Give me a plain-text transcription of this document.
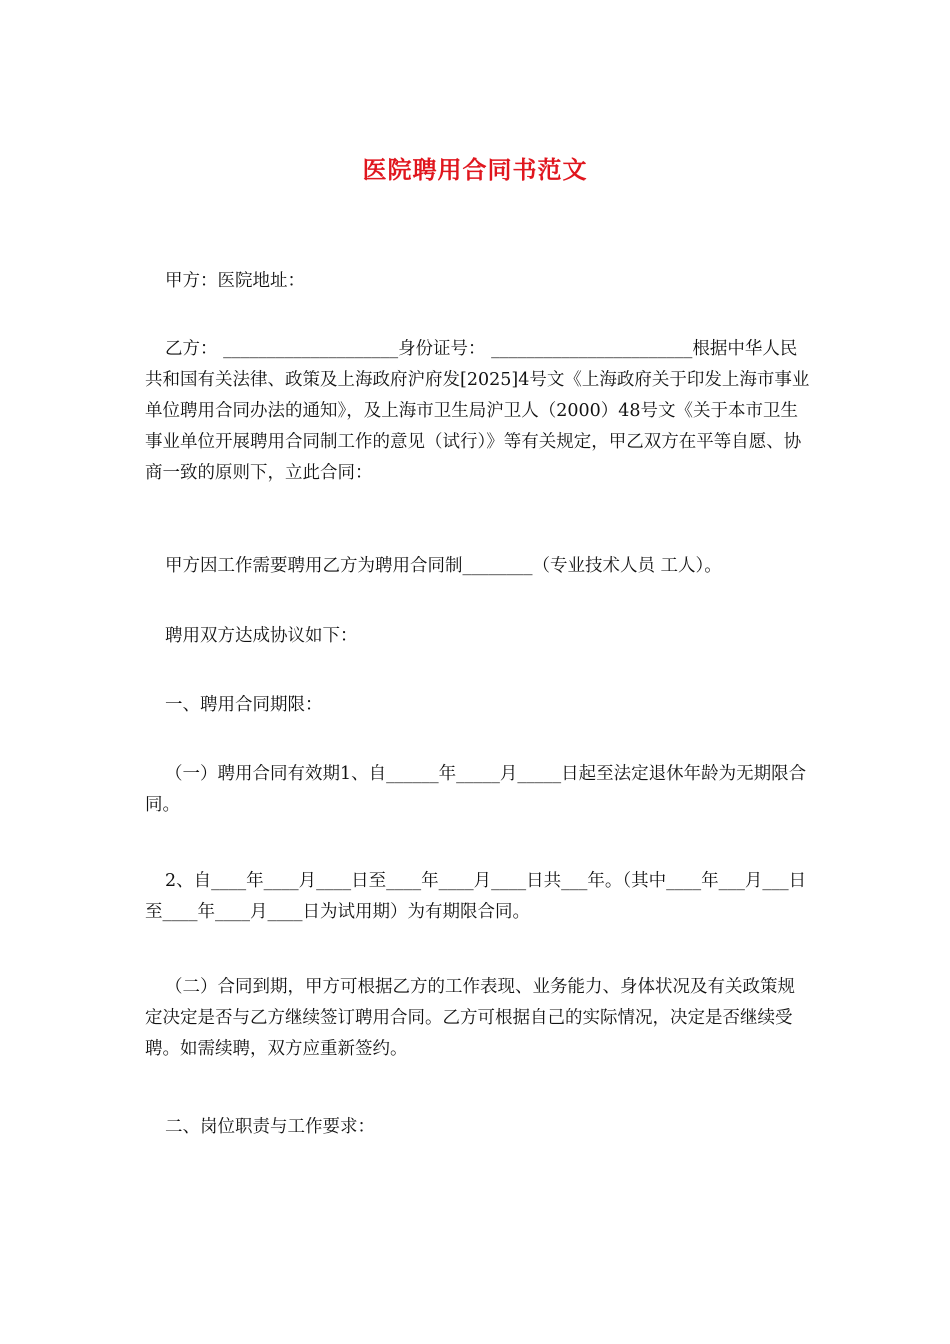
医院聘用合同书范文

甲方：医院地址：

乙方： ____________________身份证号： _______________________根据中华人民共和国有关法律、政策及上海政府沪府发[2025]4号文《上海政府关于印发上海市事业单位聘用合同办法的通知》，及上海市卫生局沪卫人（2000）48号文《关于本市卫生事业单位开展聘用合同制工作的意见（试行）》等有关规定，甲乙双方在平等自愿、协商一致的原则下，立此合同：

甲方因工作需要聘用乙方为聘用合同制________（专业技术人员 工人）。

聘用双方达成协议如下：

一、聘用合同期限：

（一）聘用合同有效期1、自______年_____月_____日起至法定退休年龄为无期限合同。

2、自____年____月____日至____年____月____日共___年。（其中____年___月___日至____年____月____日为试用期）为有期限合同。

（二）合同到期，甲方可根据乙方的工作表现、业务能力、身体状况及有关政策规定决定是否与乙方继续签订聘用合同。乙方可根据自己的实际情况，决定是否继续受聘。如需续聘，双方应重新签约。

二、岗位职责与工作要求：
